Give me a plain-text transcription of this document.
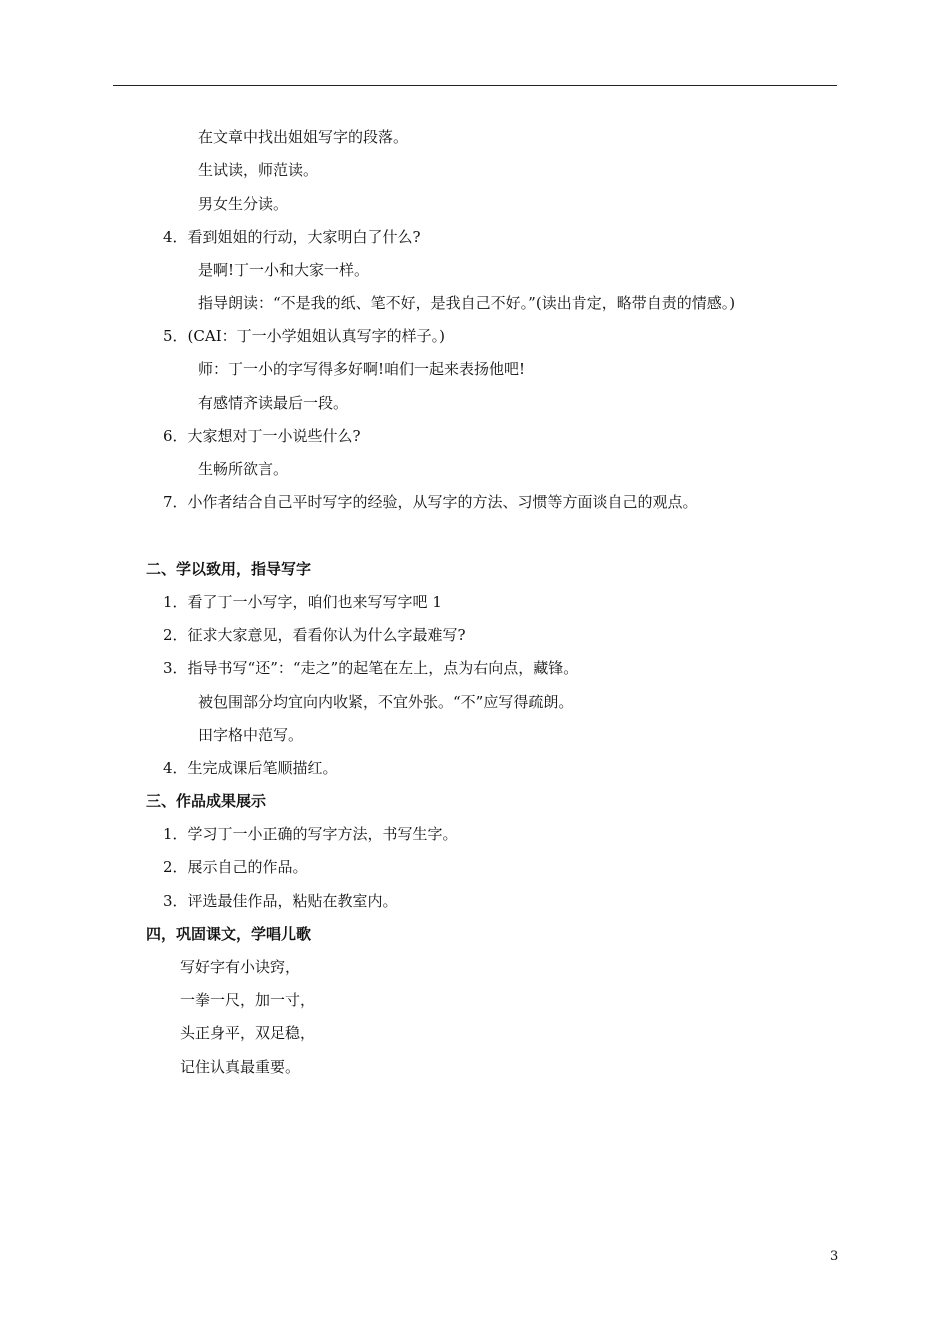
在文章中找出姐姐写字的段落。
生试读，师范读。
男女生分读。
4．看到姐姐的行动，大家明白了什么?
是啊!丁一小和大家一样。
指导朗读：“不是我的纸、笔不好，是我自己不好。”(读出肯定，略带自责的情感。)
5．(CAI：丁一小学姐姐认真写字的样子。)
师：丁一小的字写得多好啊!咱们一起来表扬他吧!
有感情齐读最后一段。
6．大家想对丁一小说些什么?
生畅所欲言。
7．小作者结合自己平时写字的经验，从写字的方法、习惯等方面谈自己的观点。
二、学以致用，指导写字
1．看了丁一小写字，咱们也来写写字吧 1
2．征求大家意见，看看你认为什么字最难写?
3．指导书写“还”：“走之”的起笔在左上，点为右向点，藏锋。
被包围部分均宜向内收紧，不宜外张。“不”应写得疏朗。
田字格中范写。
4．生完成课后笔顺描红。
三、作品成果展示
1．学习丁一小正确的写字方法，书写生字。
2．展示自己的作品。
3．评选最佳作品，粘贴在教室内。
四，巩固课文，学唱儿歌
写好字有小诀窍，
一拳一尺，加一寸，
头正身平，双足稳，
记住认真最重要。
3
